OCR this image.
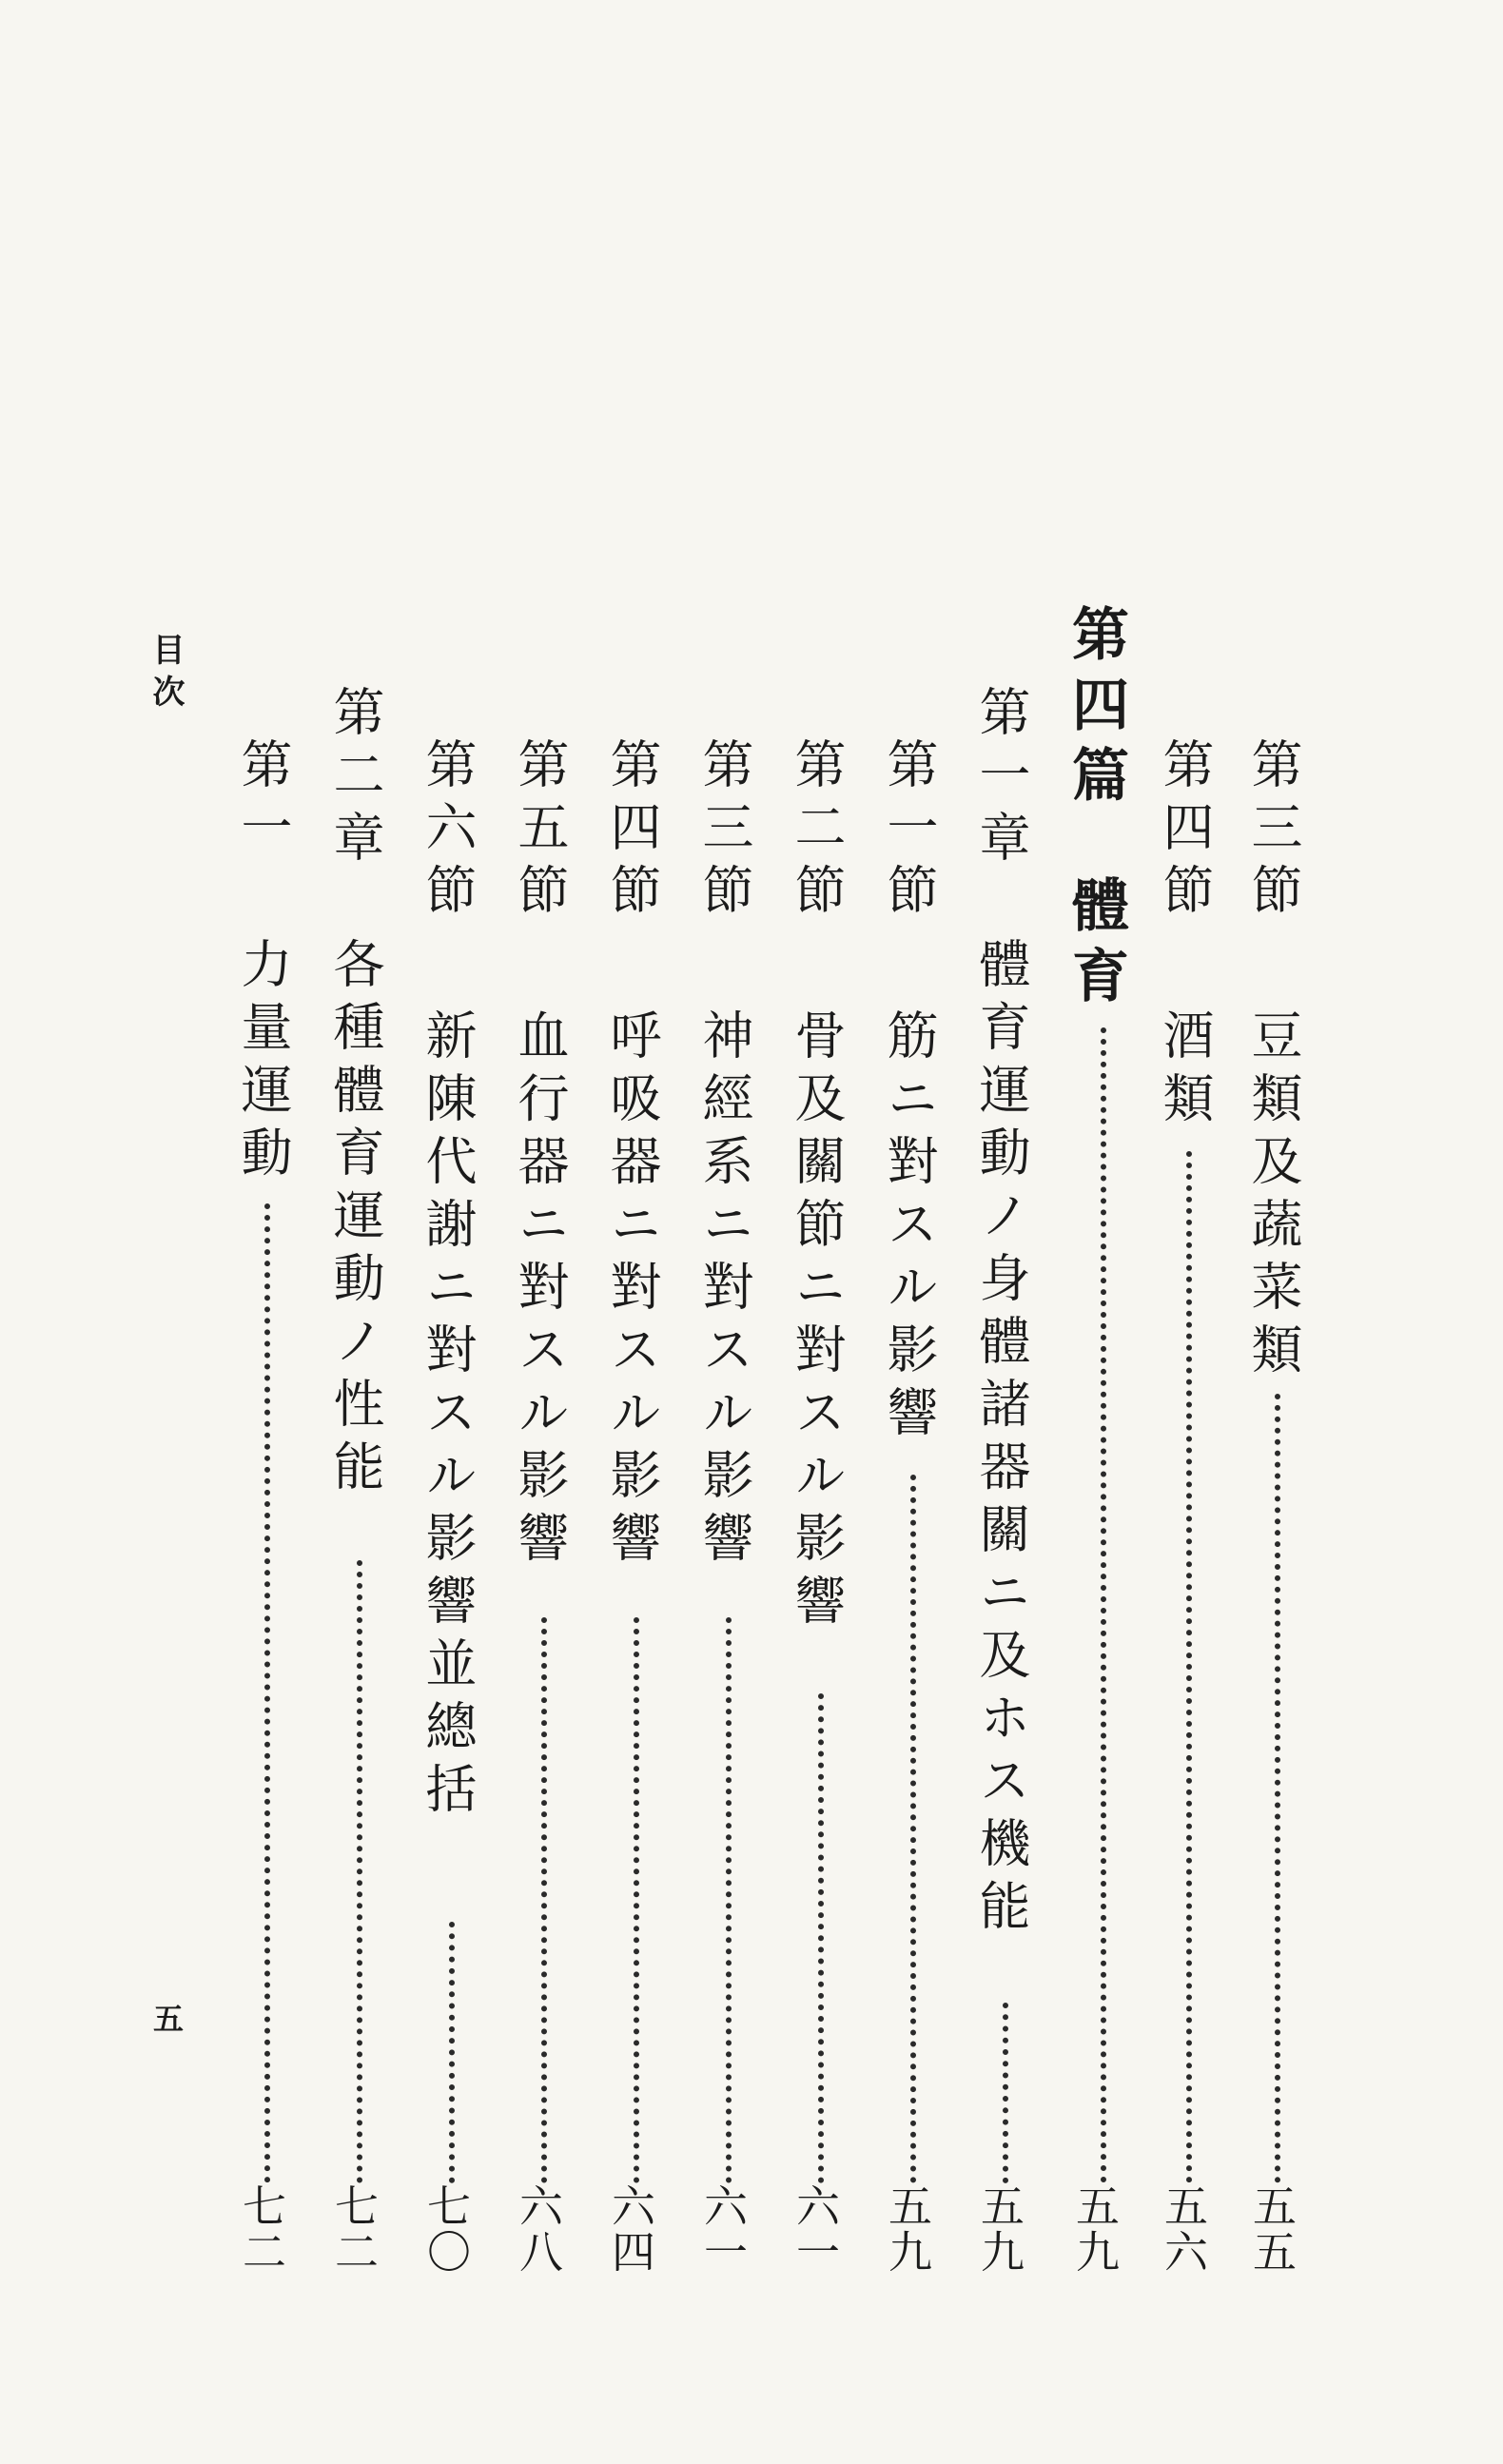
第三節
豆類及蔬菜類
五五
第四節
酒類
五六
第四篇
體育
五九
第一章
體育運動ノ身體諸器關ニ及ホス機能
五九
第一節
筋ニ對スル影響
五九
第二節
骨及關節ニ對スル影響
六一
第三節
神經系ニ對スル影響
六一
第四節
呼吸器ニ對スル影響
六四
第五節
血行器ニ對スル影響
六八
第六節
新陳代謝ニ對スル影響並總括
七〇
第二章
各種體育運動ノ性能
七二
第一
力量運動
七二
目次
五
